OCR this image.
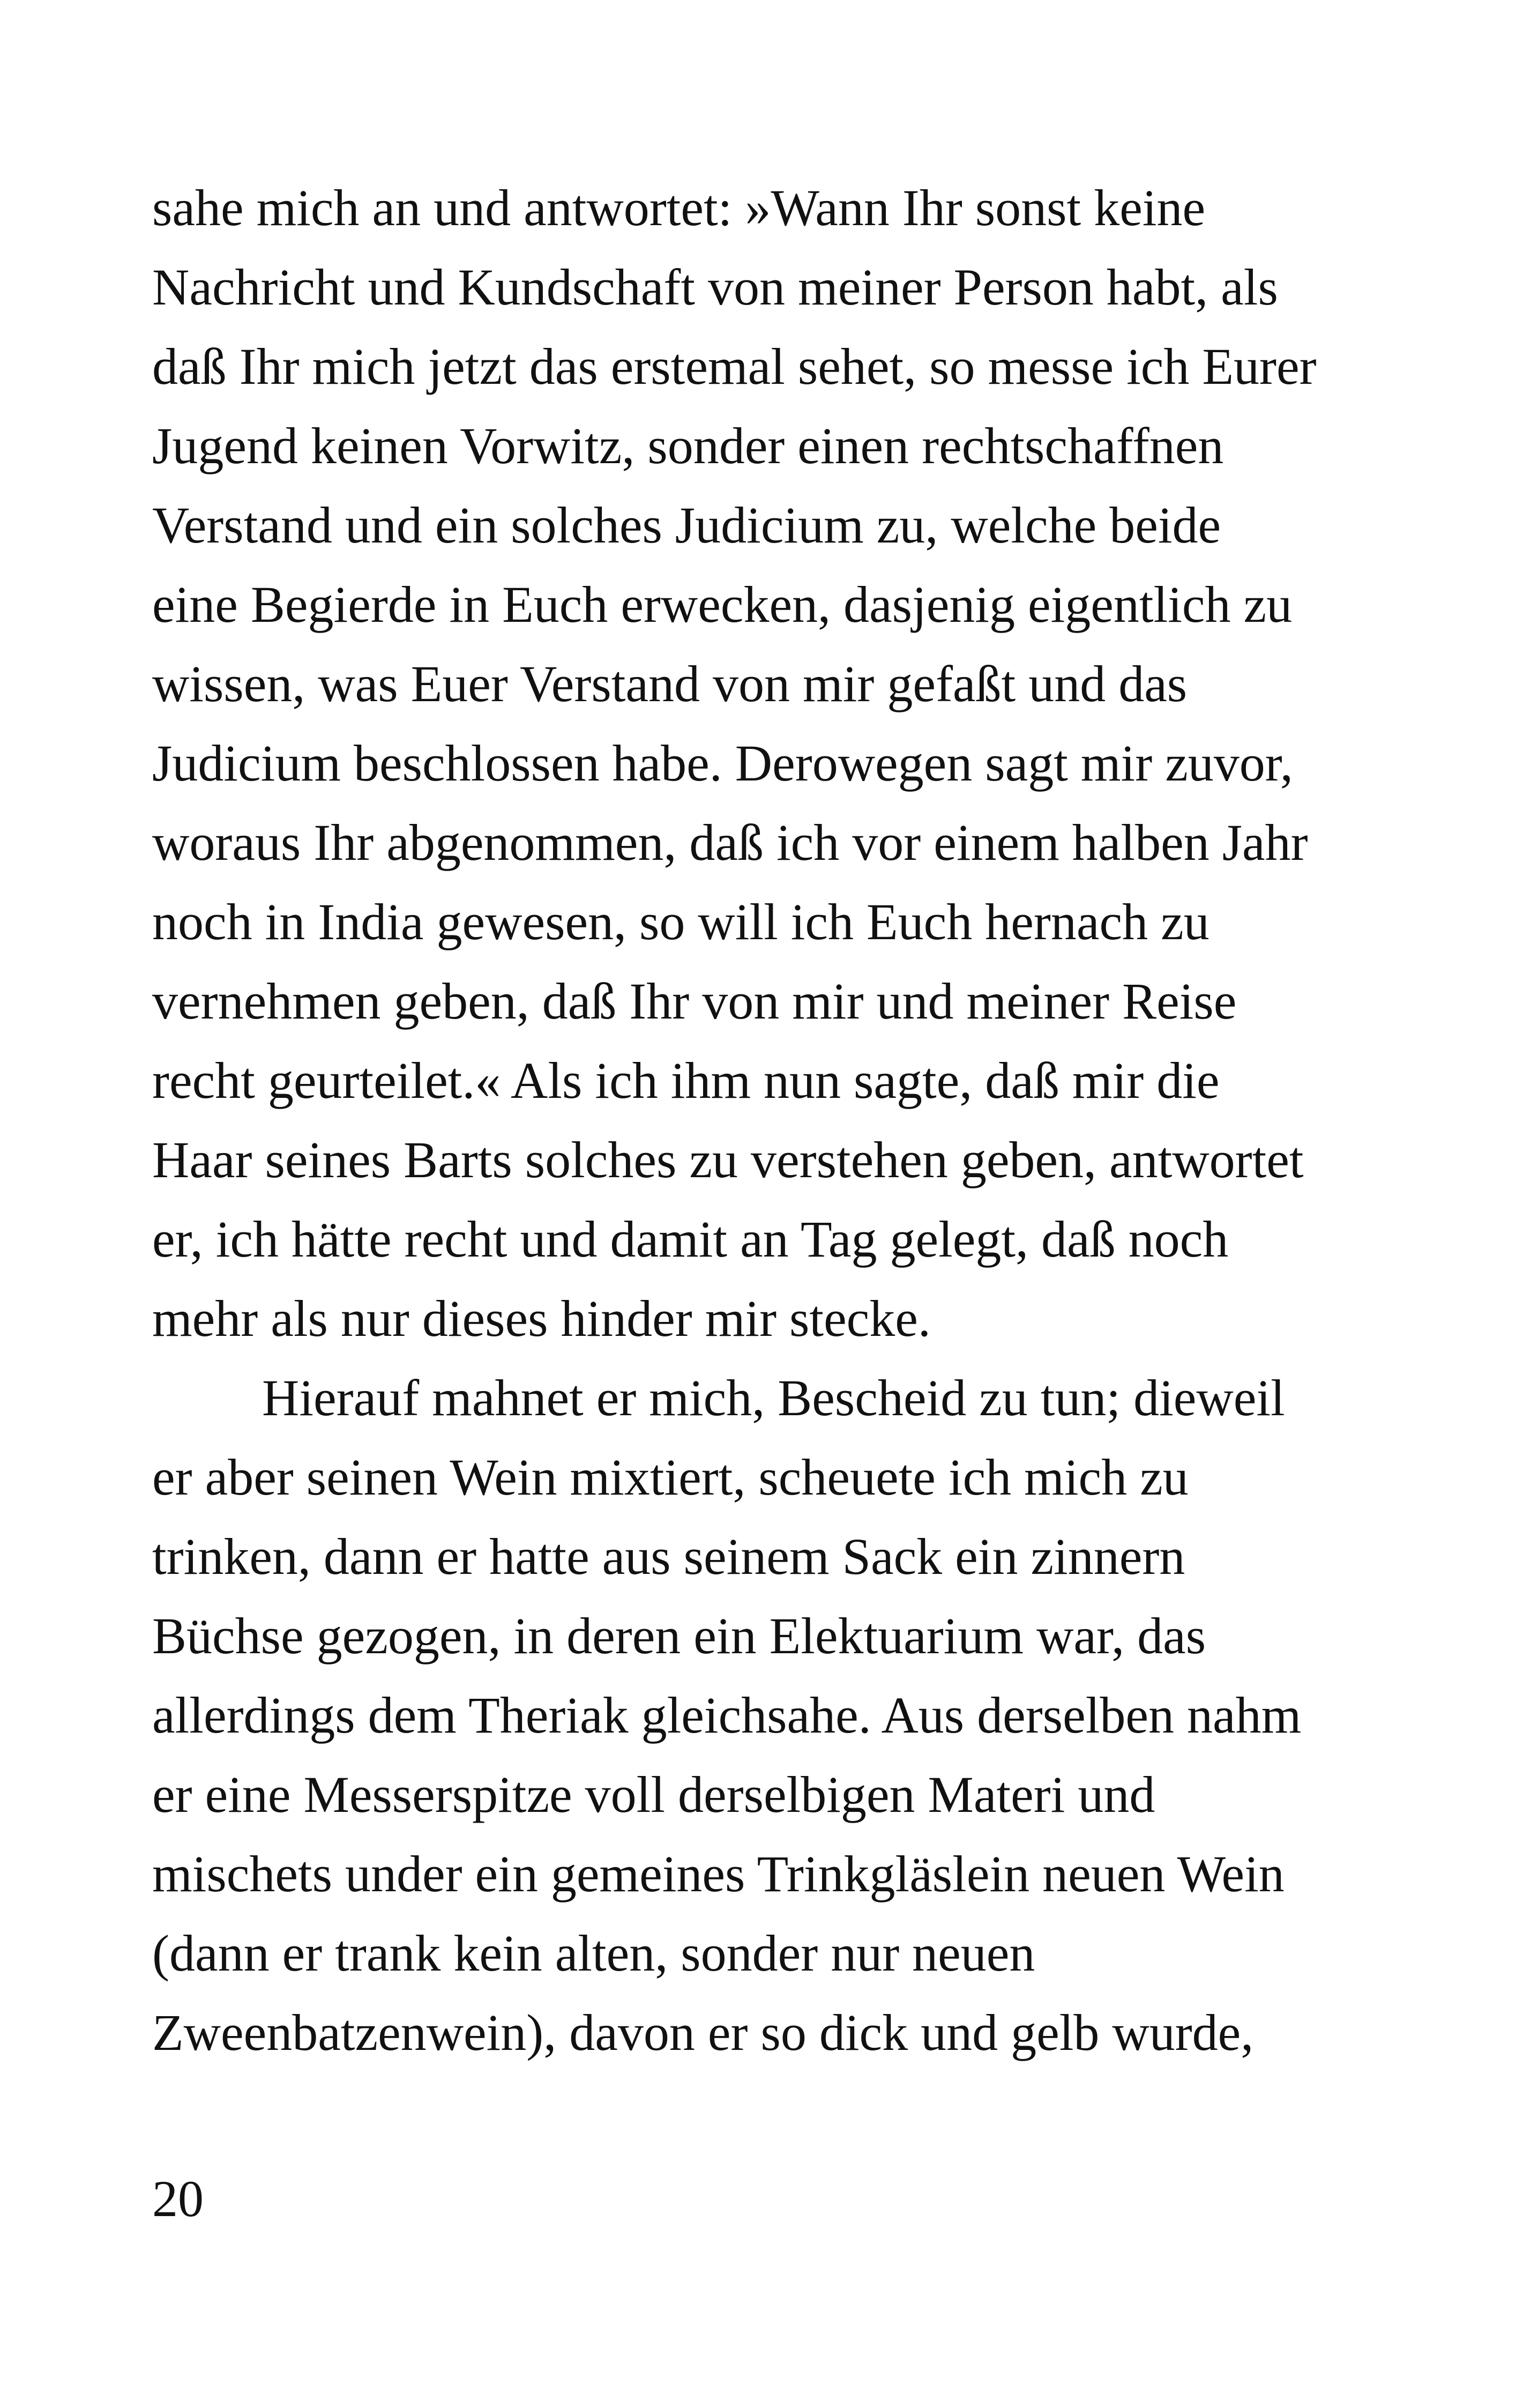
sahe mich an und antwortet: »Wann Ihr sonst keine
Nachricht und Kundschaft von meiner Person habt, als
daß Ihr mich jetzt das erstemal sehet, so messe ich Eurer
Jugend keinen Vorwitz, sonder einen rechtschaffnen
Verstand und ein solches Judicium zu, welche beide
eine Begierde in Euch erwecken, dasjenig eigentlich zu
wissen, was Euer Verstand von mir gefaßt und das
Judicium beschlossen habe. Derowegen sagt mir zuvor,
woraus Ihr abgenommen, daß ich vor einem halben Jahr
noch in India gewesen, so will ich Euch hernach zu
vernehmen geben, daß Ihr von mir und meiner Reise
recht geurteilet.« Als ich ihm nun sagte, daß mir die
Haar seines Barts solches zu verstehen geben, antwortet
er, ich hätte recht und damit an Tag gelegt, daß noch
mehr als nur dieses hinder mir stecke.
Hierauf mahnet er mich, Bescheid zu tun; dieweil
er aber seinen Wein mixtiert, scheuete ich mich zu
trinken, dann er hatte aus seinem Sack ein zinnern
Büchse gezogen, in deren ein Elektuarium war, das
allerdings dem Theriak gleichsahe. Aus derselben nahm
er eine Messerspitze voll derselbigen Materi und
mischets under ein gemeines Trinkgläslein neuen Wein
(dann er trank kein alten, sonder nur neuen
Zweenbatzenwein), davon er so dick und gelb wurde,
20
